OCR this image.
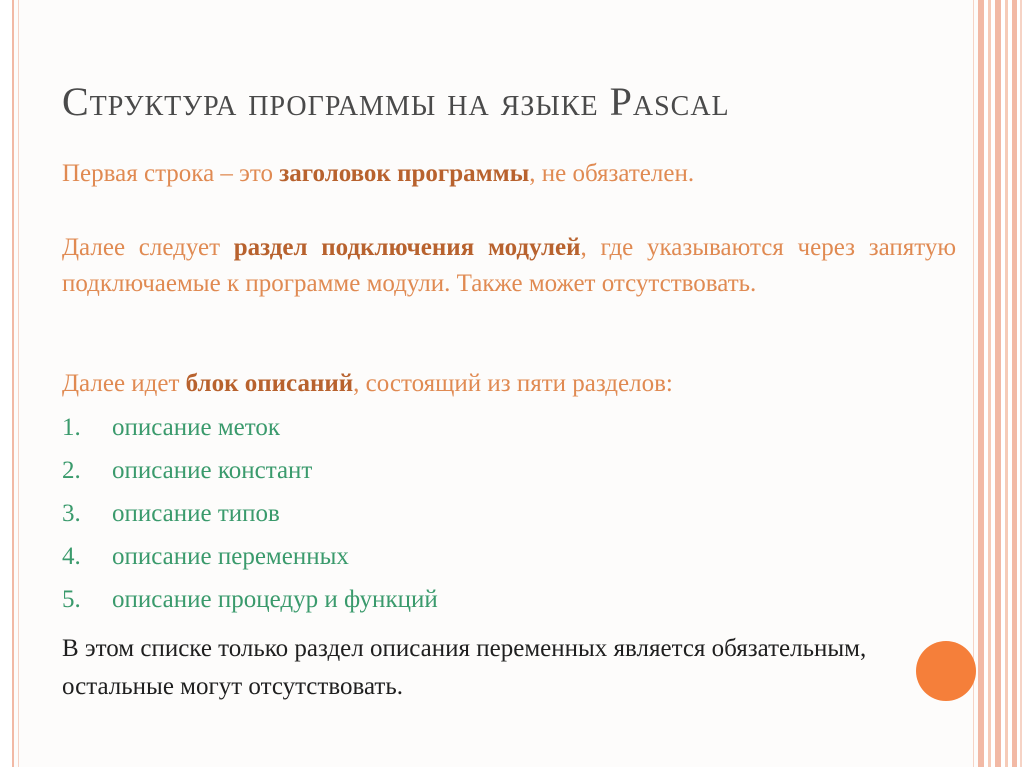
Структура программы на языке Pascal

Первая строка – это заголовок программы, не обязателен.

Далее следует раздел подключения модулей, где указываются через запятую подключаемые к программе модули. Также может отсутствовать.

Далее идет блок описаний, состоящий из пяти разделов:

1. описание меток
2. описание констант
3. описание типов
4. описание переменных
5. описание процедур и функций

В этом списке только раздел описания переменных является обязательным, остальные могут отсутствовать.
